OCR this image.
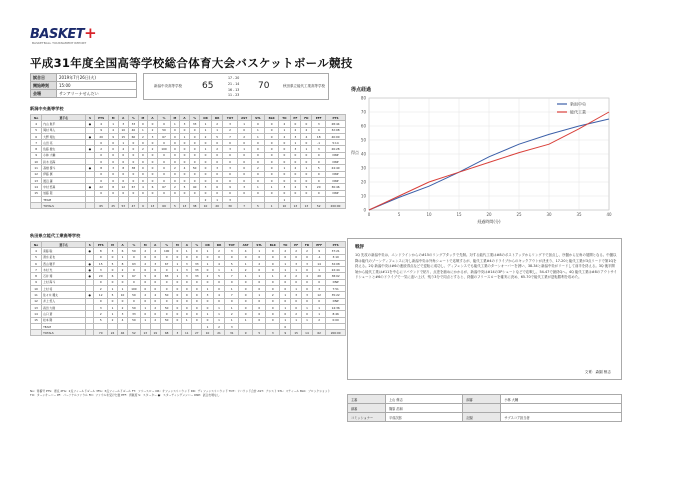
BASKET+
BASKETBALL TOURNAMENT REPORT
平成31年度全国高等学校総合体育大会バスケットボール競技
試合日	2019年7月26日(火)
開始時刻	15:00
会場	サンアリーナせんだい
新潟中央高等学校	65
17 - 20
21 - 14
16 - 13
11 - 23
70	秋田県立能代工業高等学校
新潟中央高等学校
No	選手名	S	PTS	M	A	%	M	A	%	M	A	%	OR	DR	TOT	AST	STL	BLK	TO	PF	FD	EFF	PTS
4	内山 航平	●	4	1	3	33	0	0	0	1	3	33	1	2	3	1	0	0	2	0	0	3	28:44
5	岡村 隼人		9	4	10	40	1	2	50	0	0	0	1	1	2	0	1	0	1	2	2	4	32:08
6	大野 翔太	●	20	9	15	60	2	3	67	0	1	0	2	5	7	2	1	0	2	3	4	18	40:00
7	山田 亮		0	0	1	0	0	0	0	0	0	0	0	0	0	0	0	0	0	1	0	-1	5:14
8	佐藤 健太	●	2	0	4	0	2	2	100	0	0	0	1	2	3	1	0	0	0	3	1	3	26:28
9	小林 大輔		0	0	0	0	0	0	0	0	0	0	0	0	0	0	0	0	0	0	0	0	DNP
10	鈴木 拓海		0	0	0	0	0	0	0	0	0	0	0	0	0	0	0	0	0	0	0	0	DNP
11	高橋 優斗	●	8	3	8	38	0	0	0	2	4	50	0	3	3	0	2	0	1	2	1	5	24:40
12	伊藤 翼		0	0	0	0	0	0	0	0	0	0	0	0	0	0	0	0	0	0	0	0	DNP
13	渡辺 蓮		0	0	0	0	0	0	0	0	0	0	0	0	0	0	0	0	0	0	0	0	DNP
14	中村 悠真	●	22	8	12	67	4	6	67	2	5	40	3	6	9	3	1	1	3	2	5	20	36:46
15	加藤 陸		0	0	0	0	0	0	0	0	0	0	0	0	0	0	0	0	0	0	0	0	DNP
	TEAM												2	1	3				1				
	TOTALS		65	25	53	47	9	13	69	5	13	38	10	20	30	7	5	1	10	13	13	52	200:00
秋田県立能代工業高等学校
No	選手名	S	PTS	M	A	%	M	A	%	M	A	%	OR	DR	TOT	AST	STL	BLK	TO	PF	FD	EFF	PTS
4	斎藤 聡	●	8	3	6	50	2	2	100	0	1	0	1	2	3	4	1	0	2	2	2	9	37:21
5	清水 拓也		0	0	1	0	0	0	0	0	0	0	0	0	0	0	0	0	0	0	0	-1	3:10
6	西山 駿平	●	15	5	8	63	2	3	67	1	3	33	1	4	5	1	2	0	1	3	3	14	32:08
7	木村 光	●	3	0	2	0	0	0	0	1	3	33	0	1	1	2	0	0	1	1	0	1	22:44
8	石井 翔	●	20	6	9	67	5	6	83	1	3	33	2	5	7	1	1	1	2	2	4	20	38:02
9	上村 海斗		0	0	0	0	0	0	0	0	0	0	0	0	0	0	0	0	0	0	0	0	DNP
10	上村 将		2	1	1	100	0	0	0	0	0	0	1	0	1	0	0	0	0	1	0	3	7:51
11	佐々木 颯太	●	12	5	10	50	2	4	50	0	0	0	3	4	7	0	1	2	1	3	3	12	35:22
12	井上 悠人		0	0	0	0	0	0	0	0	0	0	0	0	0	0	0	0	0	0	0	0	DNP
13	森田 大樹		3	1	2	50	1	2	50	0	0	0	0	1	1	0	0	0	1	0	1	1	14:36
14	山口 蒼		2	1	3	33	0	0	0	0	0	0	1	1	2	0	0	0	0	2	0	1	8:46
15	松本 陽		5	2	4	50	1	2	50	0	1	0	0	1	1	1	0	0	1	1	1	2	0:00
	TEAM												1	2	3				0				
	TOTALS		70	24	46	52	13	19	68	3	11	27	10	21	31	9	5	3	9	15	14	62	200:00
No：背番号 PTS：得点 2FG：2点フィールドゴール 3FG：3点フィールドゴール FT：フリースロー OR：オフェンスリバウンド DR：ディフェンスリバウンド TOT：リバウンド合計 AST：アシスト STL：スティール BLK：ブロックショット TO：ターンオーバー PF：パーソナルファウル FD：ファウルを受けた数 EFF：貢献度 S：スターター ●：スターティングメンバー DNP：試合出場なし
0
10
20
30
40
50
60
70
80
0	5	10	15	20	25	30	35	40
得点経過
経過時間(分)
得点
新潟中央
能代工業
戦評
1Q 先攻の新潟中央は、エンドラインからの#15のリングアタックで先制。対する能代工業は#8のポストアップからリング下で加点し、序盤から互角の展開となる。中盤以降は能代のゾーンディフェンスに対し新潟中央は外角シュートで応戦するが、能代工業#4のドライブからのキックアウトが決まり、17-20と能代工業が3点リードで第1Qを終える。2Q 新潟中央は#6の連続得点などで逆転に成功し、ディフェンスでも能代工業のターンオーバーを誘い、38-34と新潟中央がリードして前半を終える。3Q 後半開始から能代工業は#11を中心にリバウンドで粘り、点差を縮めにかかるが、新潟中央は#14の3Pシュートなどで応戦し、54-47で最終Qへ。4Q 能代工業は#8のアウトサイドシュートと#6のドライブで一気に追い上げ、残り3分で同点とすると、終盤のフリースローを確実に決め、65-70で能代工業が逆転勝利を収めた。
文責：森園 梢志
主審	上山 修志	副審	小林 大輔
副審	篠原 浩和		
コミッショナー	平成次郎	記録	サブスコア担当者
